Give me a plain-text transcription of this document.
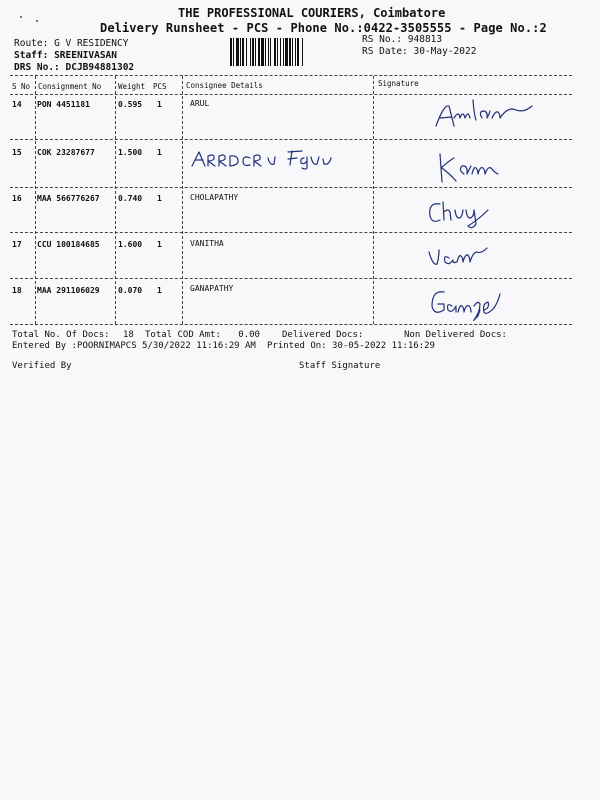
THE PROFESSIONAL COURIERS, Coimbatore
Delivery Runsheet - PCS - Phone No.:0422-3505555 - Page No.:2
Route: G V RESIDENCY
Staff: SREENIVASAN
DRS No.: DCJB94881302
RS No.: 948813
RS Date: 30-May-2022
S No Consignment No Weight PCS	Consignee Details	Signature
14 PON 4451181	0.595 1	ARUL
15 COK 23287677	1.500 1
16 MAA 566776267 0.740 1	CHOLAPATHY
17 CCU 100184685 1.600 1	VANITHA
18 MAA 291106029 0.070 1	GANAPATHY
Total No. Of Docs: 18 Total COD Amt: 0.00 Delivered Docs:	Non Delivered Docs:
Entered By :POORNIMAPCS 5/30/2022 11:16:29 AM Printed On: 30-05-2022 11:16:29
Verified By	Staff Signature
